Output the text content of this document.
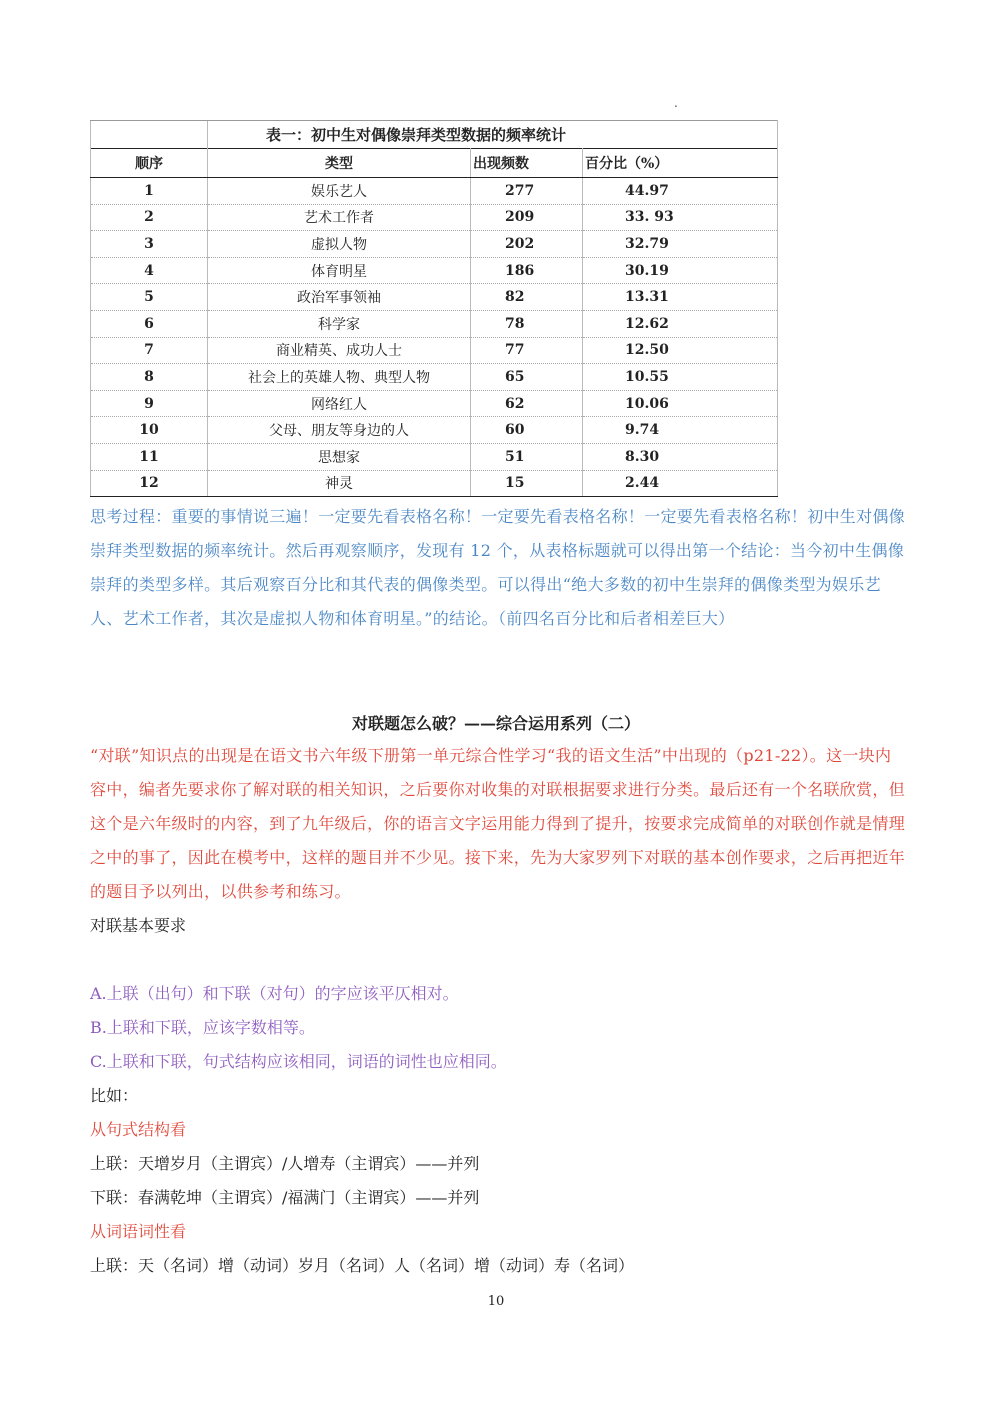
.
	表一：初中生对偶像崇拜类型数据的频率统计		
顺序	类型	出现频数	百分比（%）
1	娱乐艺人	277	44.97
2	艺术工作者	209	33. 93
3	虚拟人物	202	32.79
4	体育明星	186	30.19
5	政治军事领袖	82	13.31
6	科学家	78	12.62
7	商业精英、成功人士	77	12.50
8	社会上的英雄人物、典型人物	65	10.55
9	网络红人	62	10.06
10	父母、朋友等身边的人	60	9.74
11	思想家	51	8.30
12	神灵	15	2.44
思考过程：重要的事情说三遍！一定要先看表格名称！一定要先看表格名称！一定要先看表格名称！初中生对偶像崇拜类型数据的频率统计。然后再观察顺序，发现有 12 个，从表格标题就可以得出第一个结论：当今初中生偶像崇拜的类型多样。其后观察百分比和其代表的偶像类型。可以得出“绝大多数的初中生崇拜的偶像类型为娱乐艺人、艺术工作者，其次是虚拟人物和体育明星。”的结论。（前四名百分比和后者相差巨大）
对联题怎么破？——综合运用系列（二）
“对联”知识点的出现是在语文书六年级下册第一单元综合性学习“我的语文生活”中出现的（p21-22）。这一块内容中，编者先要求你了解对联的相关知识，之后要你对收集的对联根据要求进行分类。最后还有一个名联欣赏，但这个是六年级时的内容，到了九年级后，你的语言文字运用能力得到了提升，按要求完成简单的对联创作就是情理之中的事了，因此在模考中，这样的题目并不少见。接下来，先为大家罗列下对联的基本创作要求，之后再把近年的题目予以列出，以供参考和练习。
对联基本要求
A.上联（出句）和下联（对句）的字应该平仄相对。
B.上联和下联，应该字数相等。
C.上联和下联，句式结构应该相同，词语的词性也应相同。
比如：
从句式结构看
上联：天增岁月（主谓宾）/人增寿（主谓宾）——并列
下联：春满乾坤（主谓宾）/福满门（主谓宾）——并列
从词语词性看
上联：天（名词）增（动词）岁月（名词）人（名词）增（动词）寿（名词）
10
